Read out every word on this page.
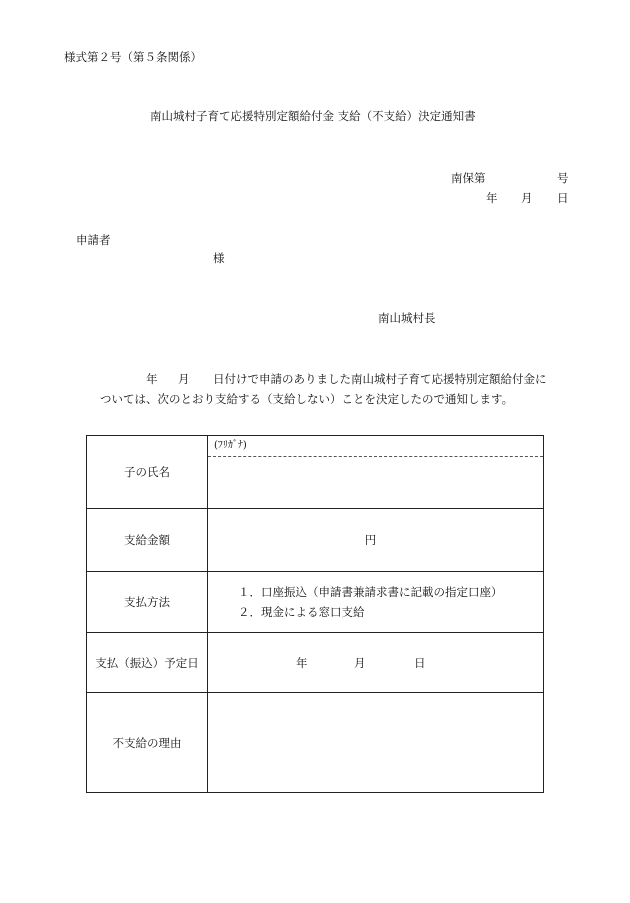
様式第２号（第５条関係）
南山城村子育て応援特別定額給付金 支給（不支給）決定通知書
南保第	号
年 月 日
申請者
様
南山城村長
年 月 日付けで申請のありました南山城村子育て応援特別定額給付金に
ついては、次のとおり支給する（支給しない）ことを決定したので通知します。
子の氏名	(ﾌﾘｶﾞﾅ)

支給金額	円
支払方法	１．口座振込（申請書兼請求書に記載の指定口座）
２．現金による窓口支給

支払（振込）予定日	年 月 日

不支給の理由	
